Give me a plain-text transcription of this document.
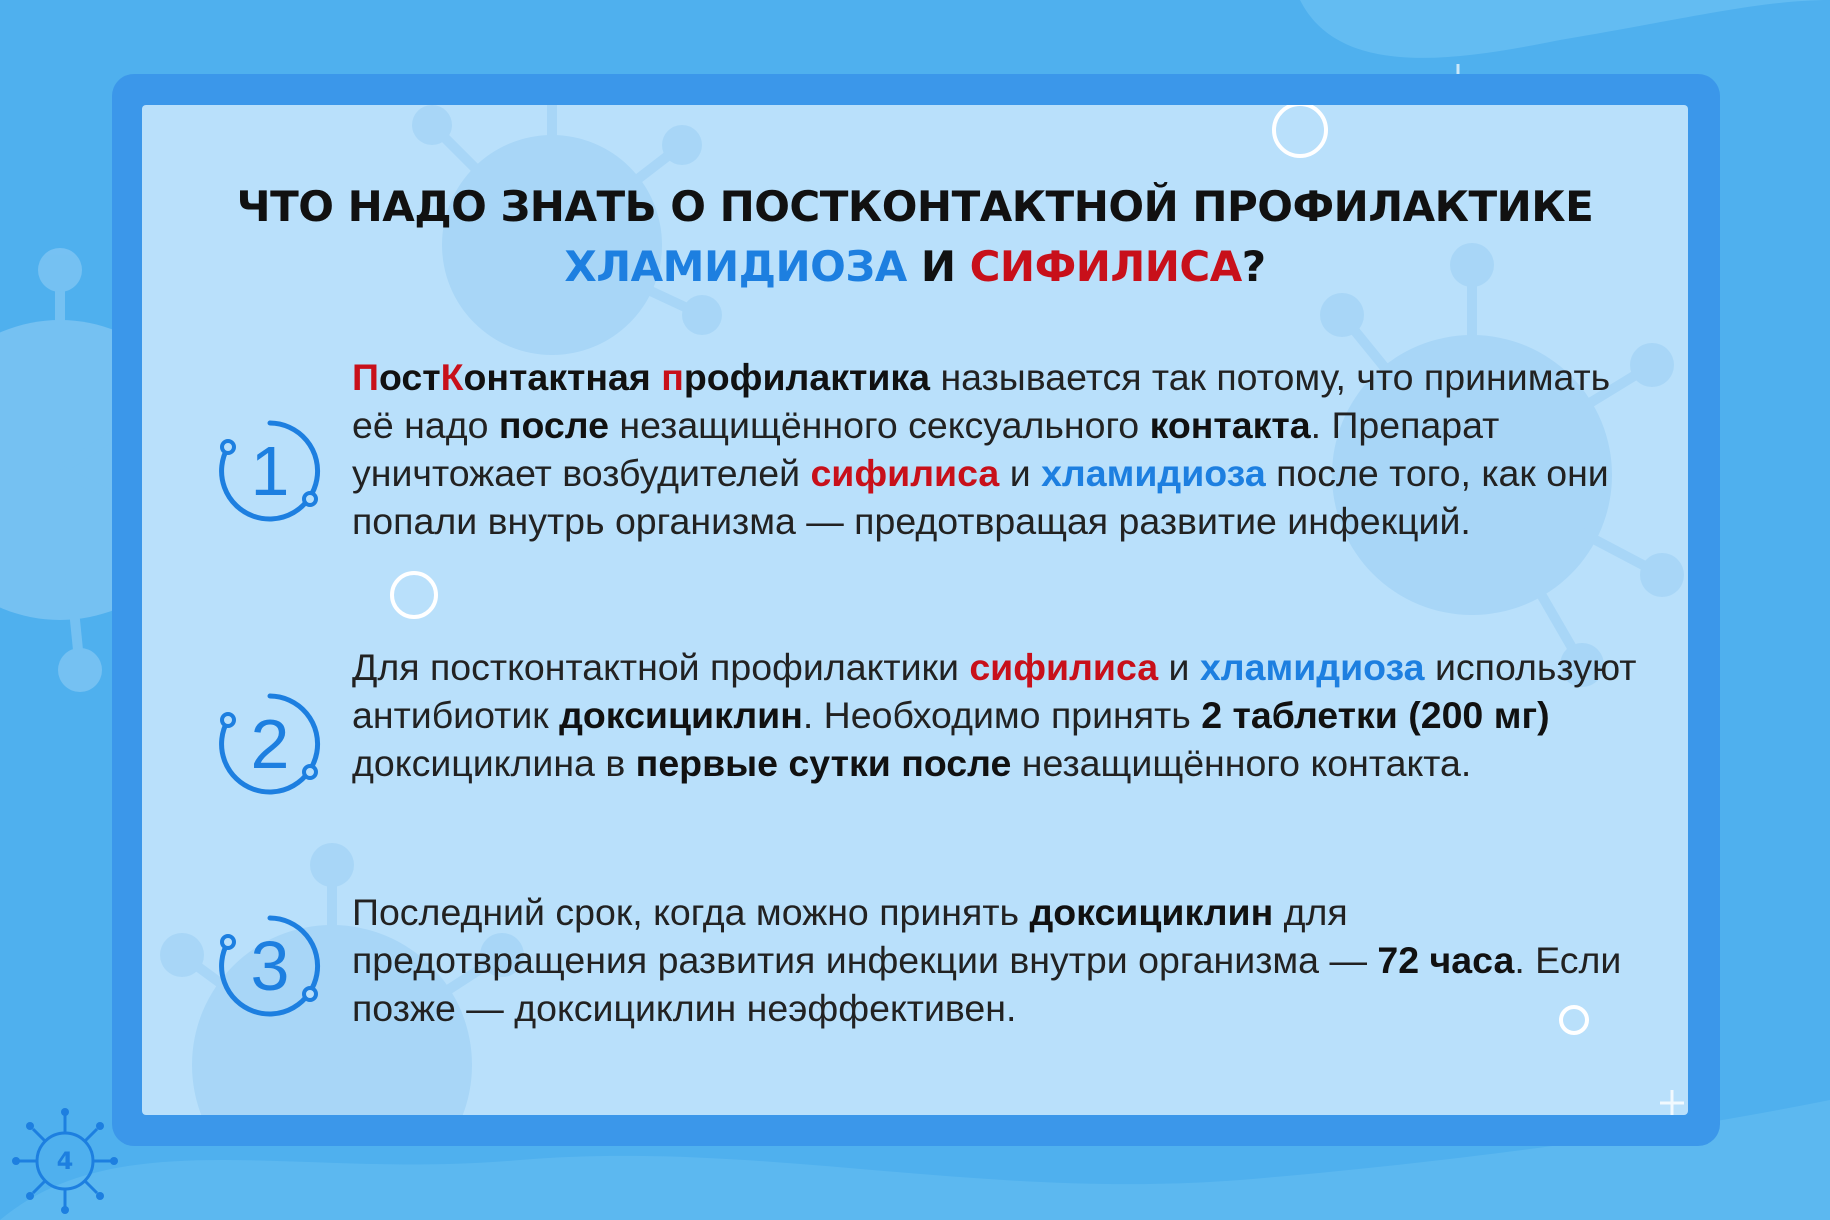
ЧТО НАДО ЗНАТЬ О ПОСТКОНТАКТНОЙ ПРОФИЛАКТИКЕ
ХЛАМИДИОЗА И СИФИЛИСА?
1
ПостКонтактная профилактика называется так потому, что принимать её надо после незащищённого сексуального контакта. Препарат уничтожает возбудителей сифилиса и хламидиоза после того, как они попали внутрь организма — предотвращая развитие инфекций.
2
Для постконтактной профилактики сифилиса и хламидиоза используют антибиотик доксициклин. Необходимо принять 2 таблетки (200 мг) доксициклина в первые сутки после незащищённого контакта.
3
Последний срок, когда можно принять доксициклин для предотвращения развития инфекции внутри организма — 72 часа. Если позже — доксициклин неэффективен.
4
